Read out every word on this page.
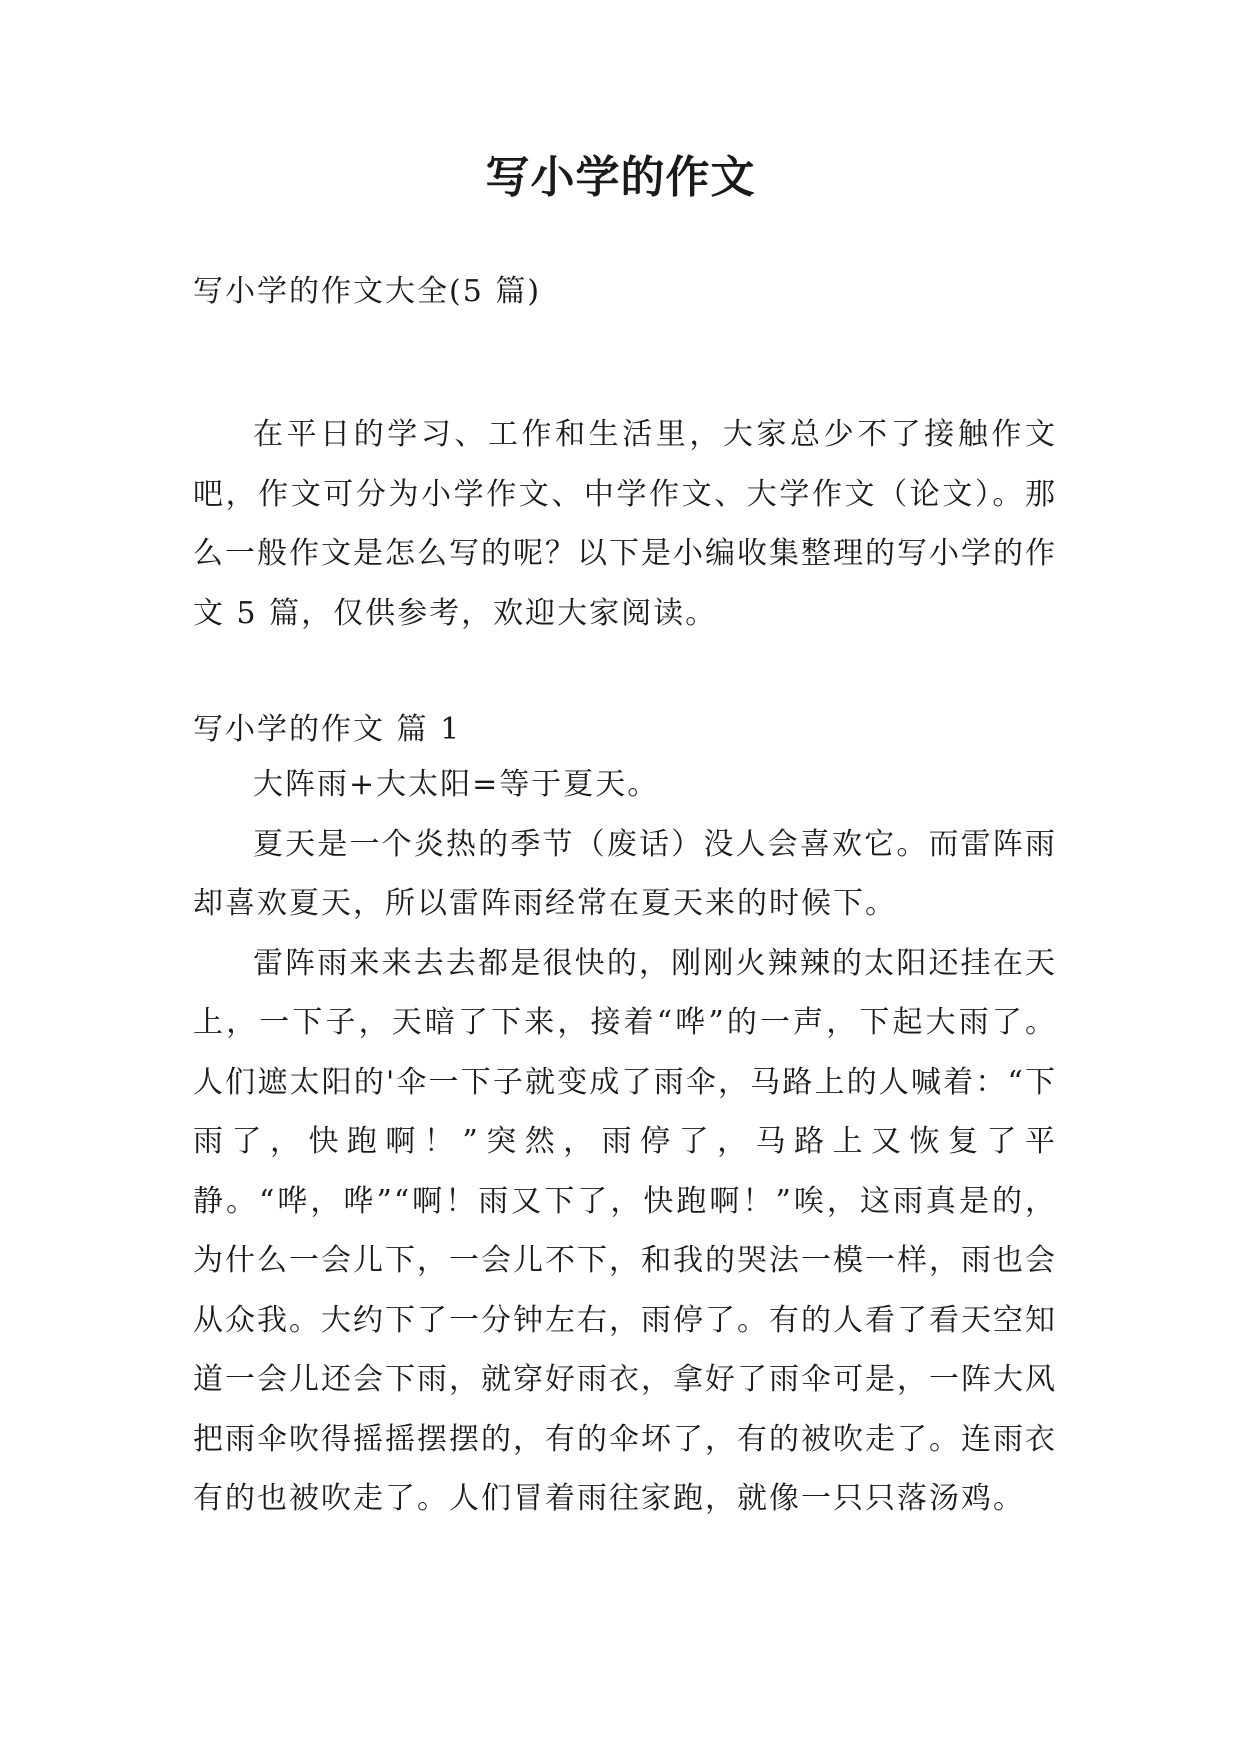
写小学的作文
写小学的作文大全(5 篇)

在平日的学习、工作和生活里，大家总少不了接触作文吧，作文可分为小学作文、中学作文、大学作文（论文）。那么一般作文是怎么写的呢？以下是小编收集整理的写小学的作文 5 篇，仅供参考，欢迎大家阅读。

写小学的作文 篇 1

大阵雨+大太阳=等于夏天。

夏天是一个炎热的季节（废话）没人会喜欢它。而雷阵雨却喜欢夏天，所以雷阵雨经常在夏天来的时候下。

雷阵雨来来去去都是很快的，刚刚火辣辣的太阳还挂在天上，一下子，天暗了下来，接着“哗”的一声，下起大雨了。人们遮太阳的'伞一下子就变成了雨伞，马路上的人喊着：“下雨了，快跑啊！”突然，雨停了，马路上又恢复了平静。“哗，哗”“啊！雨又下了，快跑啊！”唉，这雨真是的，为什么一会儿下，一会儿不下，和我的哭法一模一样，雨也会从众我。大约下了一分钟左右，雨停了。有的人看了看天空知道一会儿还会下雨，就穿好雨衣，拿好了雨伞可是，一阵大风把雨伞吹得摇摇摆摆的，有的伞坏了，有的被吹走了。连雨衣有的也被吹走了。人们冒着雨往家跑，就像一只只落汤鸡。
